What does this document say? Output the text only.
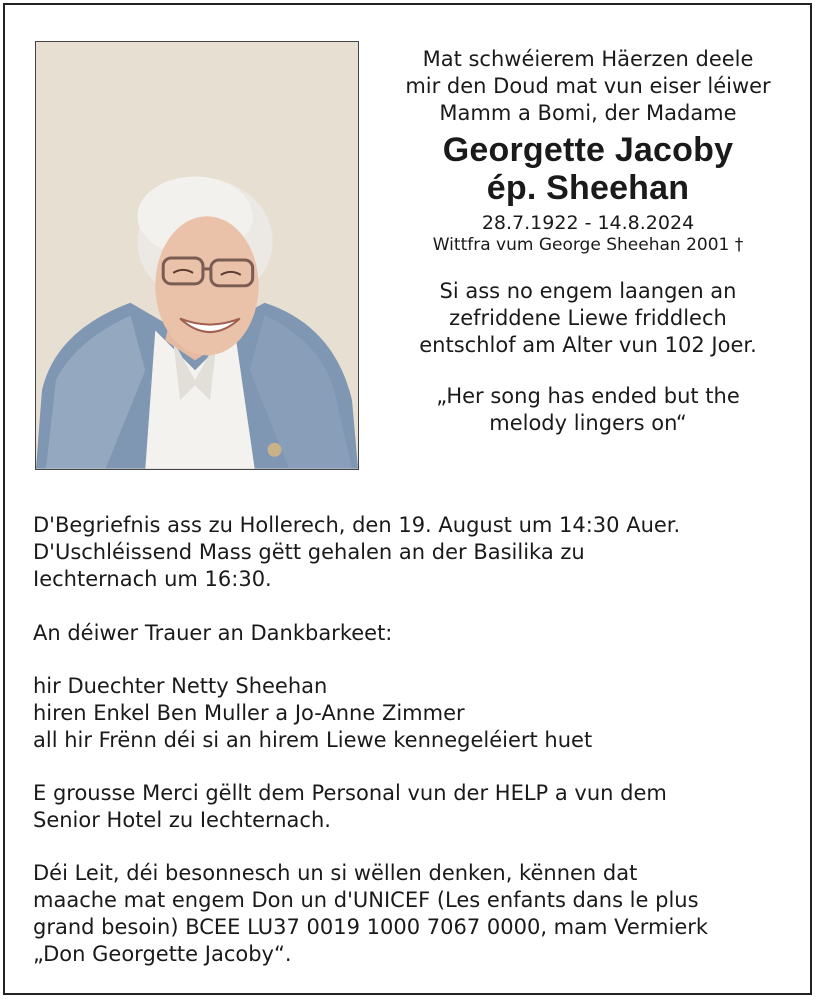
Mat schwéierem Häerzen deele
mir den Doud mat vun eiser léiwer
Mamm a Bomi, der Madame
Georgette Jacoby
ép. Sheehan
28.7.1922 - 14.8.2024
Wittfra vum George Sheehan 2001 †
Si ass no engem laangen an
zefriddene Liewe friddlech
entschlof am Alter vun 102 Joer.
„Her song has ended but the
melody lingers on“
D'Begriefnis ass zu Hollerech, den 19. August um 14:30 Auer.
D'Uschléissend Mass gëtt gehalen an der Basilika zu
Iechternach um 16:30.
An déiwer Trauer an Dankbarkeet:
hir Duechter Netty Sheehan
hiren Enkel Ben Muller a Jo-Anne Zimmer
all hir Frënn déi si an hirem Liewe kennegeléiert huet
E grousse Merci gëllt dem Personal vun der HELP a vun dem
Senior Hotel zu Iechternach.
Déi Leit, déi besonnesch un si wëllen denken, kënnen dat
maache mat engem Don un d'UNICEF (Les enfants dans le plus
grand besoin) BCEE LU37 0019 1000 7067 0000, mam Vermierk
„Don Georgette Jacoby“.
